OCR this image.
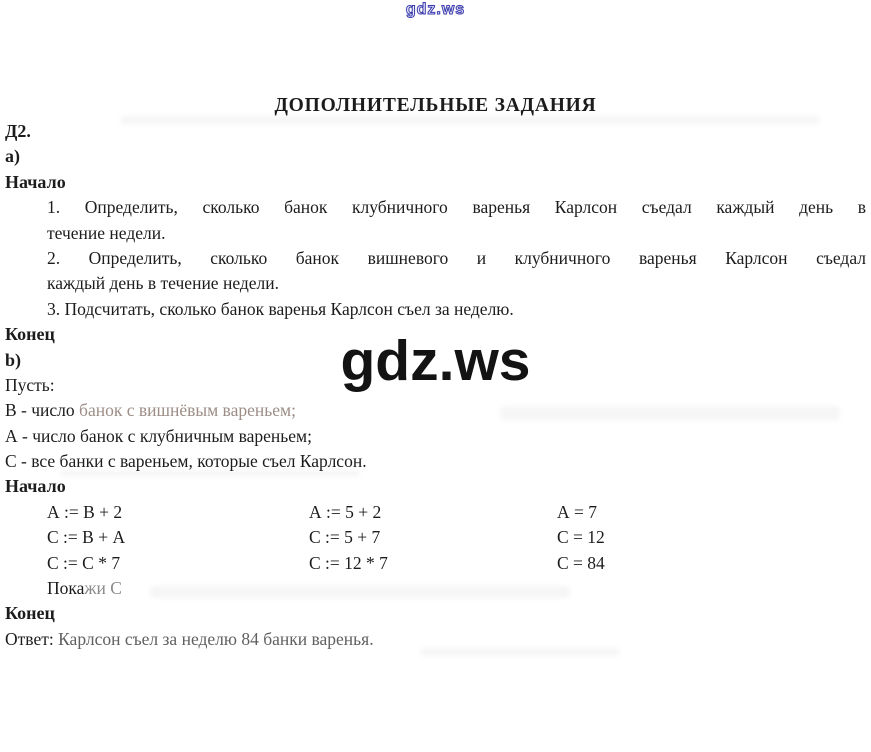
gdz.ws
gdz.ws
ДОПОЛНИТЕЛЬНЫЕ ЗАДАНИЯ
Д2.
a)
Начало
1. Определить, сколько банок клубничного варенья Карлсон съедал каждый день в
течение недели.
2. Определить, сколько банок вишневого и клубничного варенья Карлсон съедал
каждый день в течение недели.
3. Подсчитать, сколько банок варенья Карлсон съел за неделю.
Конец
b)
Пусть:
В - число банок с вишнёвым вареньем;
А - число банок с клубничным вареньем;
С - все банки с вареньем, которые съел Карлсон.
Начало
А := В + 2	А := 5 + 2	А = 7
С := В + А	С := 5 + 7	С = 12
С := С * 7	С := 12 * 7	С = 84
Покажи С
Конец
Ответ: Карлсон съел за неделю 84 банки варенья.
